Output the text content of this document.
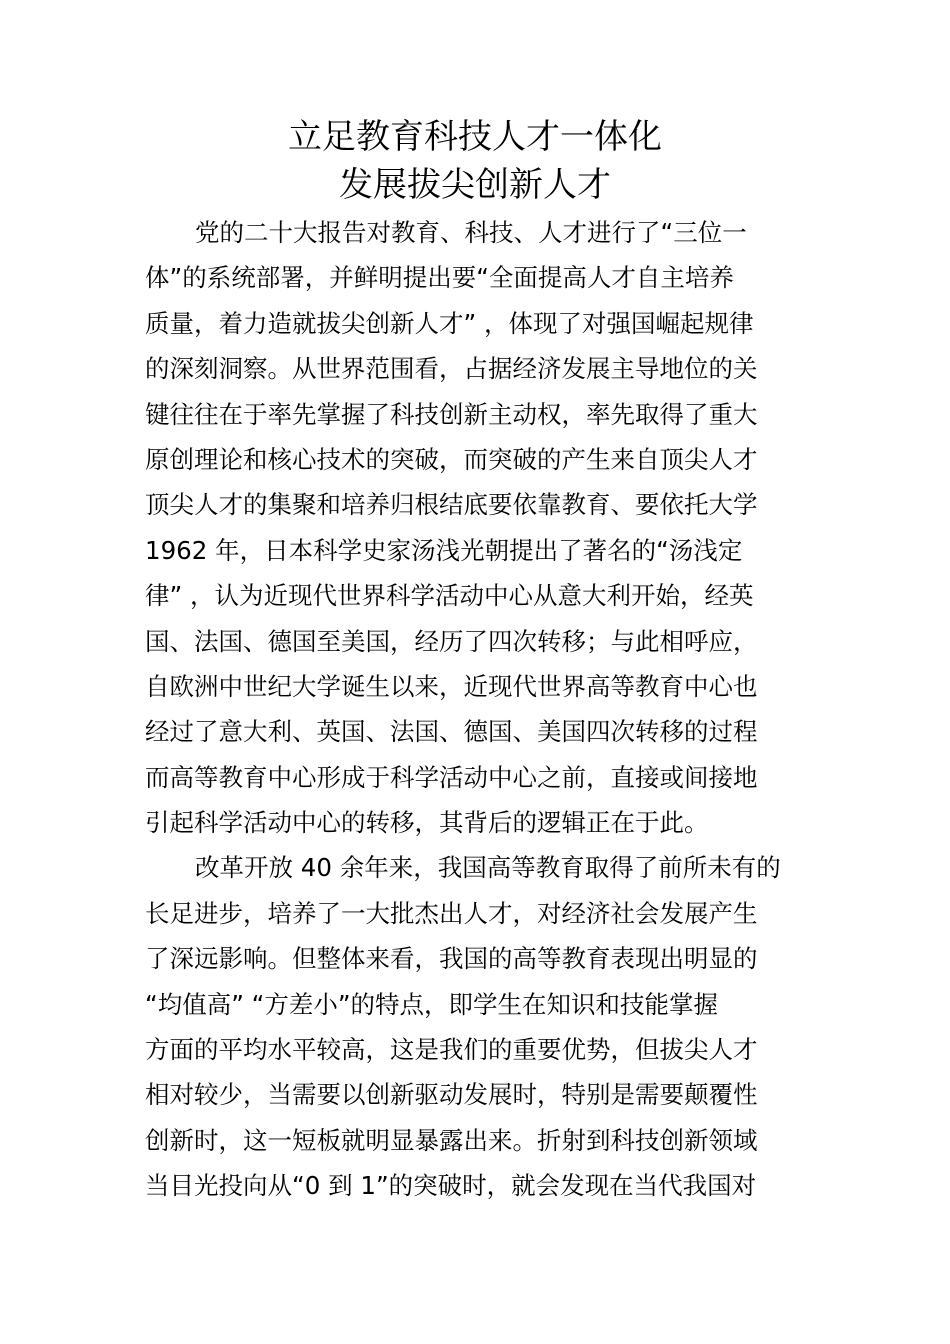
立足教育科技人才一体化
发展拔尖创新人才
党的二十大报告对教育、科技、人才进行了“三位一
体”的系统部署，并鲜明提出要“全面提高人才自主培养
质量，着力造就拔尖创新人才” ，体现了对强国崛起规律
的深刻洞察。从世界范围看，占据经济发展主导地位的关
键往往在于率先掌握了科技创新主动权，率先取得了重大
原创理论和核心技术的突破，而突破的产生来自顶尖人才
顶尖人才的集聚和培养归根结底要依靠教育、要依托大学
1962 年，日本科学史家汤浅光朝提出了著名的“汤浅定
律” ，认为近现代世界科学活动中心从意大利开始，经英
国、法国、德国至美国，经历了四次转移；与此相呼应，
自欧洲中世纪大学诞生以来，近现代世界高等教育中心也
经过了意大利、英国、法国、德国、美国四次转移的过程
而高等教育中心形成于科学活动中心之前，直接或间接地
引起科学活动中心的转移，其背后的逻辑正在于此。
改革开放 40 余年来，我国高等教育取得了前所未有的
长足进步，培养了一大批杰出人才，对经济社会发展产生
了深远影响。但整体来看，我国的高等教育表现出明显的
“均值高” “方差小”的特点，即学生在知识和技能掌握
方面的平均水平较高，这是我们的重要优势，但拔尖人才
相对较少，当需要以创新驱动发展时，特别是需要颠覆性
创新时，这一短板就明显暴露出来。折射到科技创新领域
当目光投向从“0 到 1”的突破时，就会发现在当代我国对
